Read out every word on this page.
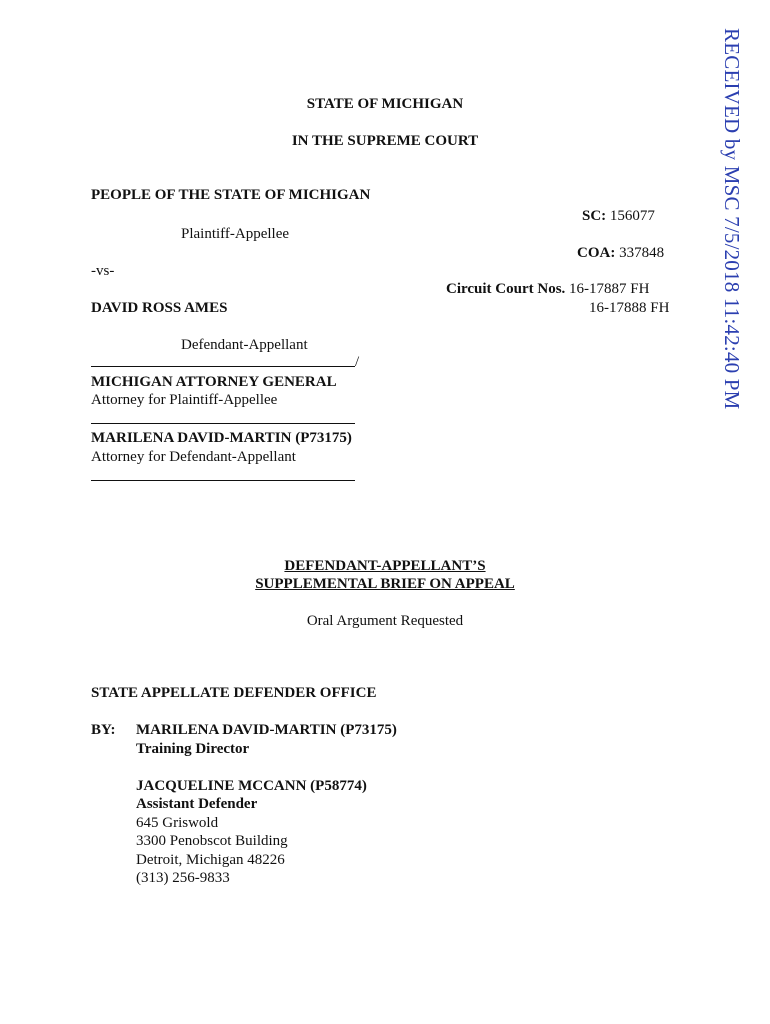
RECEIVED by MSC 7/5/2018 11:42:40 PM
STATE OF MICHIGAN
IN THE SUPREME COURT
PEOPLE OF THE STATE OF MICHIGAN
Plaintiff-Appellee
-vs-
DAVID ROSS AMES
Defendant-Appellant
/
SC: 156077
COA: 337848
Circuit Court Nos. 16-17887 FH
16-17888 FH
MICHIGAN ATTORNEY GENERAL
Attorney for Plaintiff-Appellee
MARILENA DAVID-MARTIN (P73175)
Attorney for Defendant-Appellant
DEFENDANT-APPELLANT’S
SUPPLEMENTAL BRIEF ON APPEAL
Oral Argument Requested
STATE APPELLATE DEFENDER OFFICE
BY: MARILENA DAVID-MARTIN (P73175)
Training Director
JACQUELINE MCCANN (P58774)
Assistant Defender
645 Griswold
3300 Penobscot Building
Detroit, Michigan 48226
(313) 256-9833
